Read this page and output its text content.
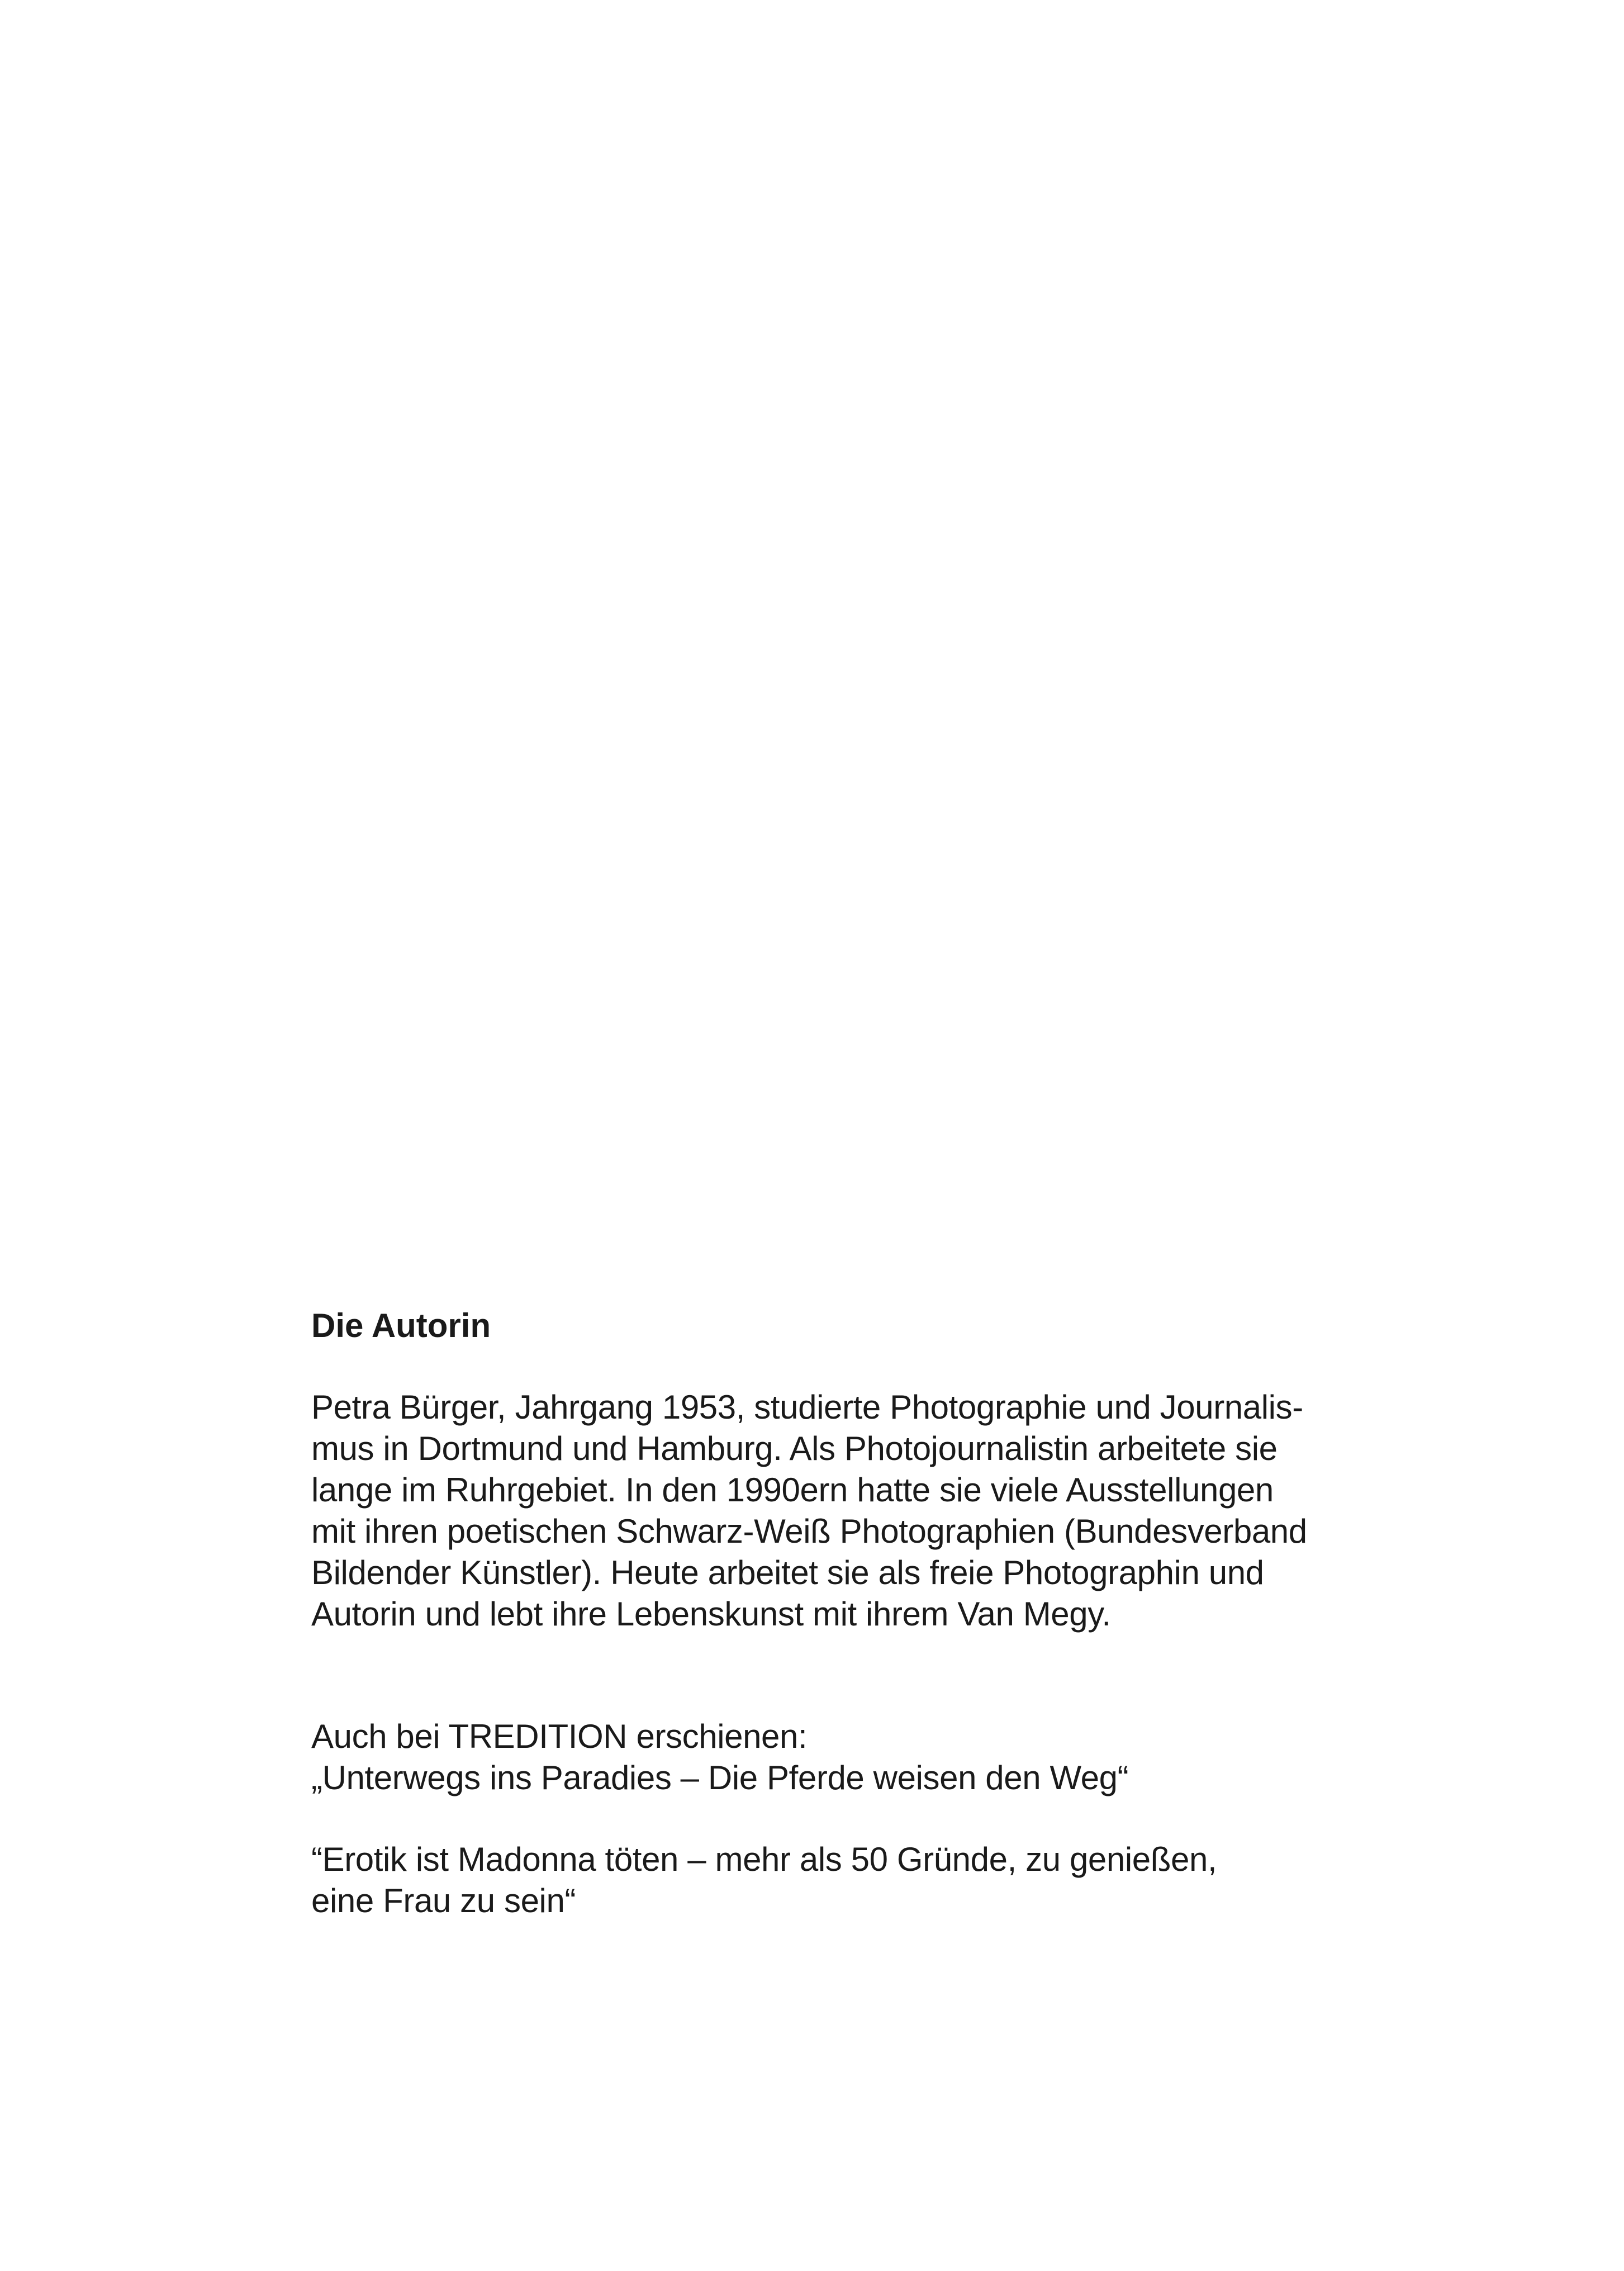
Die Autorin

Petra Bürger, Jahrgang 1953, studierte Photographie und Journalis-
mus in Dortmund und Hamburg. Als Photojournalistin arbeitete sie
lange im Ruhrgebiet. In den 1990ern hatte sie viele Ausstellungen
mit ihren poetischen Schwarz-Weiß Photographien (Bundesverband
Bildender Künstler). Heute arbeitet sie als freie Photographin und
Autorin und lebt ihre Lebenskunst mit ihrem Van Megy.

Auch bei TREDITION erschienen:
„Unterwegs ins Paradies – Die Pferde weisen den Weg“

“Erotik ist Madonna töten – mehr als 50 Gründe, zu genießen,
eine Frau zu sein“
